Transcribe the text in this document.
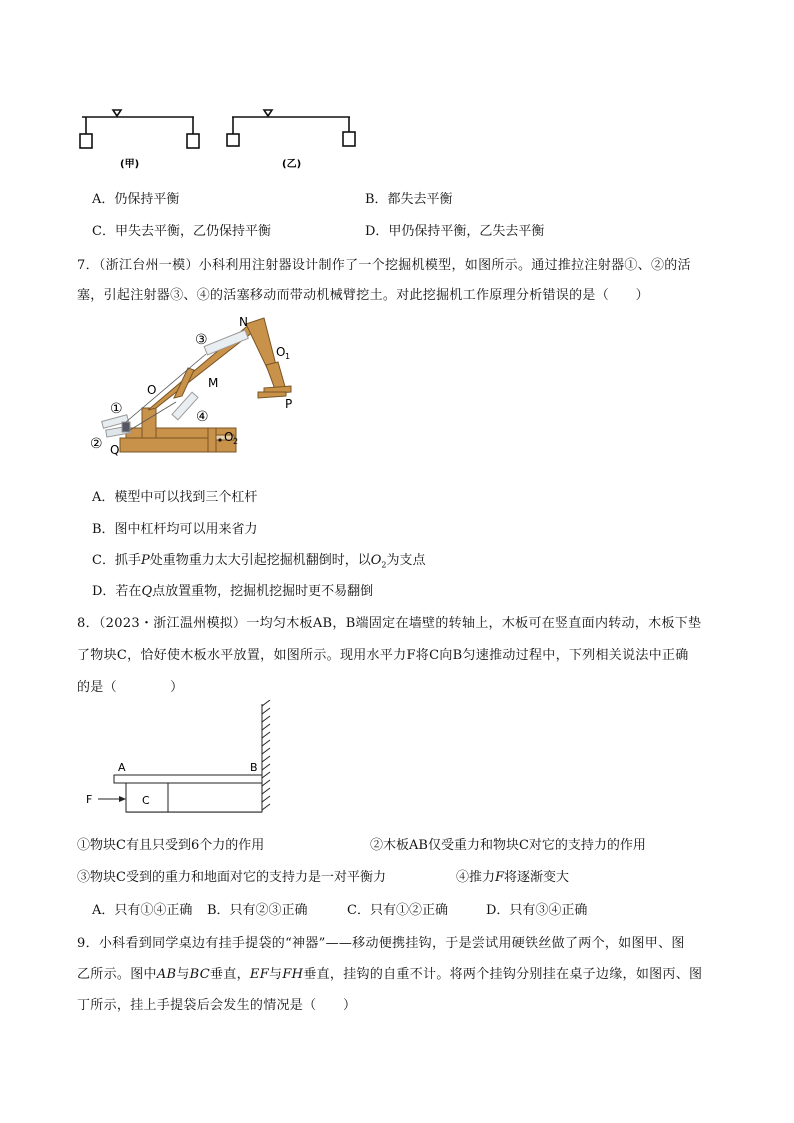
(甲)	(乙)
A．仍保持平衡	B．都失去平衡
C．甲失去平衡，乙仍保持平衡	D．甲仍保持平衡，乙失去平衡
7．（浙江台州一模）小科利用注射器设计制作了一个挖掘机模型，如图所示。通过推拉注射器①、②的活
塞，引起注射器③、④的活塞移动而带动机械臂挖土。对此挖掘机工作原理分析错误的是（　　）
N
O 1
③
O	M
P
①	④
② Q
O 2
A．模型中可以找到三个杠杆
B．图中杠杆均可以用来省力
C．抓手P处重物重力太大引起挖掘机翻倒时，以$O_2$为支点
D．若在Q点放置重物，挖掘机挖掘时更不易翻倒
8．（2023・浙江温州模拟）一均匀木板AB，B端固定在墙壁的转轴上，木板可在竖直面内转动，木板下垫
了物块C，恰好使木板水平放置，如图所示。现用水平力F将C向B匀速推动过程中，下列相关说法中正确
的是（　　　　）
A	B
F	C
①物块C有且只受到6个力的作用	②木板AB仅受重力和物块C对它的支持力的作用
③物块C受到的重力和地面对它的支持力是一对平衡力	④推力F将逐渐变大
A．只有①④正确 B．只有②③正确	C．只有①②正确	D．只有③④正确
9．小科看到同学桌边有挂手提袋的“神器”——移动便携挂钩，于是尝试用硬铁丝做了两个，如图甲、图
乙所示。图中AB与BC垂直，EF与FH垂直，挂钩的自重不计。将两个挂钩分别挂在桌子边缘，如图丙、图
丁所示，挂上手提袋后会发生的情况是（　　）
